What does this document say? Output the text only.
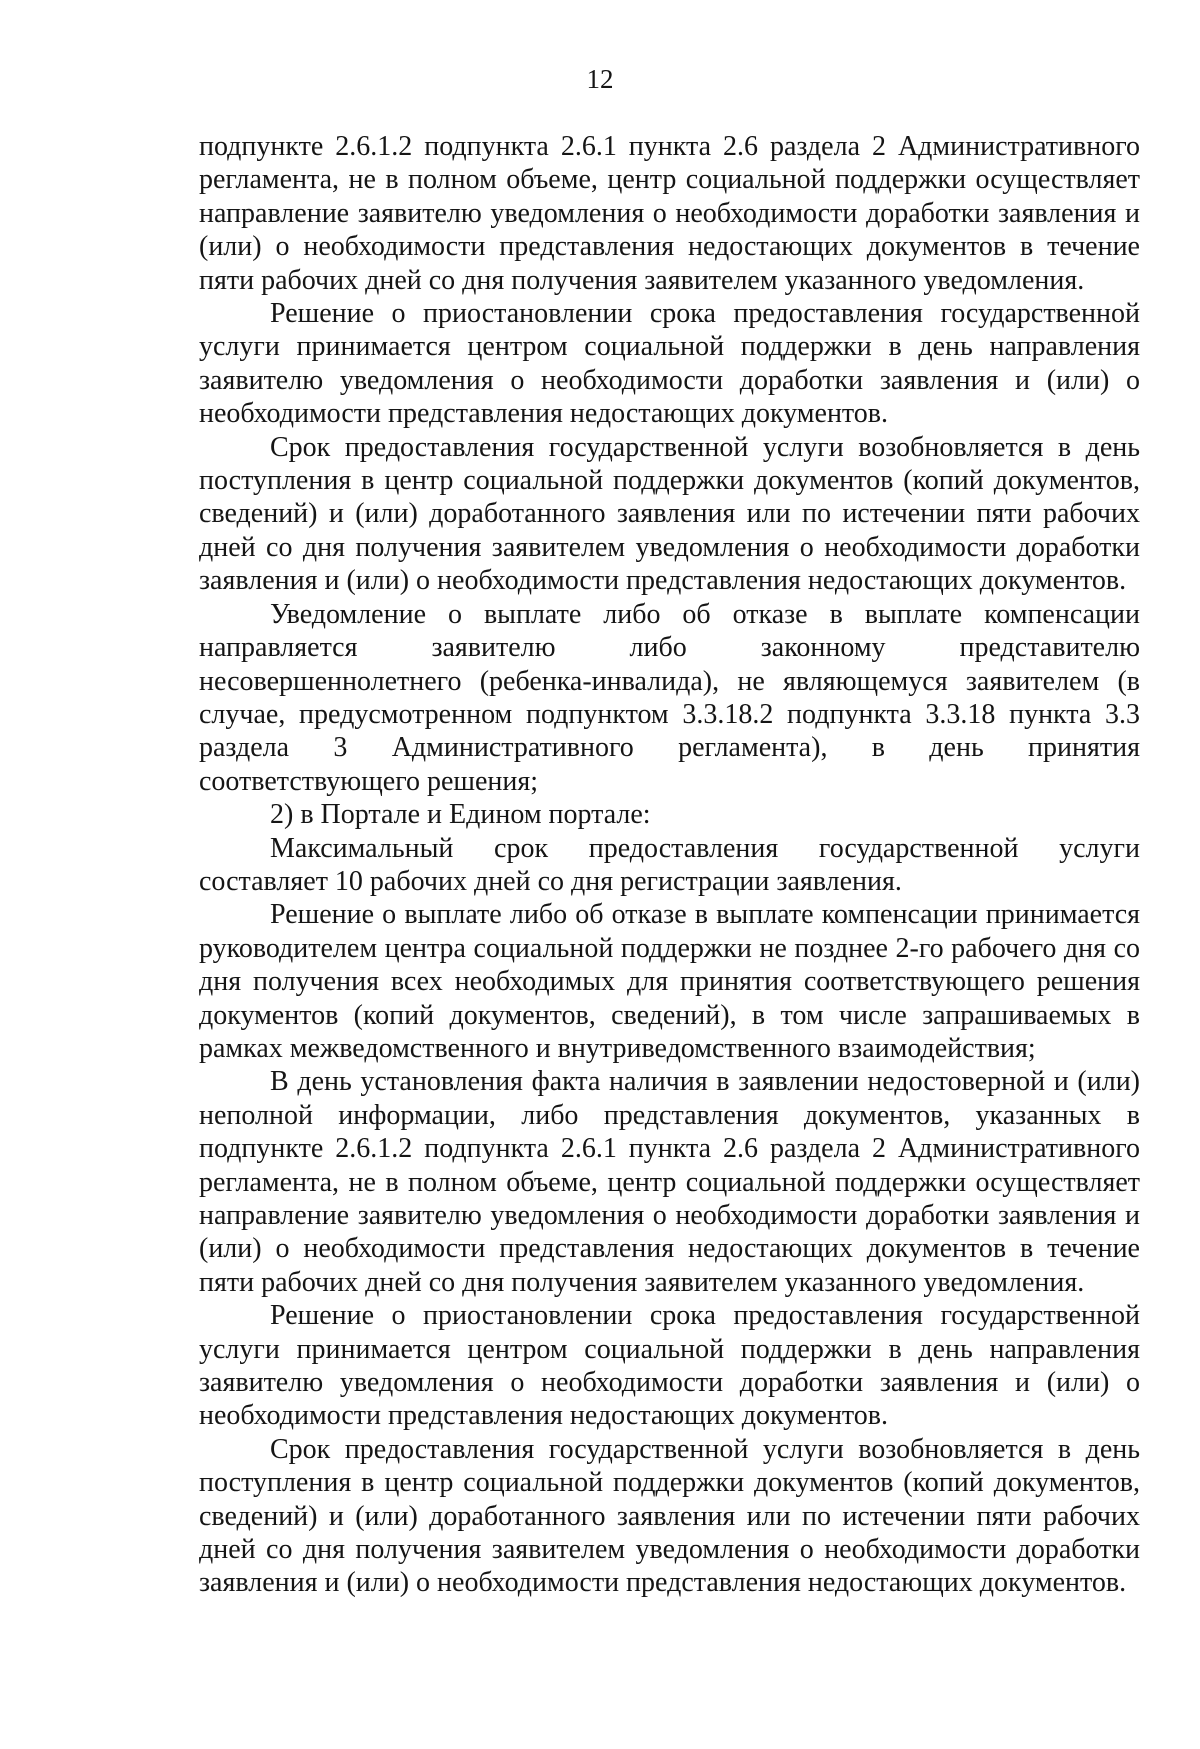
12

подпункте 2.6.1.2 подпункта 2.6.1 пункта 2.6 раздела 2 Административного регламента, не в полном объеме, центр социальной поддержки осуществляет направление заявителю уведомления о необходимости доработки заявления и (или) о необходимости представления недостающих документов в течение пяти рабочих дней со дня получения заявителем указанного уведомления.

Решение о приостановлении срока предоставления государственной услуги принимается центром социальной поддержки в день направления заявителю уведомления о необходимости доработки заявления и (или) о необходимости представления недостающих документов.

Срок предоставления государственной услуги возобновляется в день поступления в центр социальной поддержки документов (копий документов, сведений) и (или) доработанного заявления или по истечении пяти рабочих дней со дня получения заявителем уведомления о необходимости доработки заявления и (или) о необходимости представления недостающих документов.

Уведомление о выплате либо об отказе в выплате компенсации направляется заявителю либо законному представителю несовершеннолетнего (ребенка-инвалида), не являющемуся заявителем (в случае, предусмотренном подпунктом 3.3.18.2 подпункта 3.3.18 пункта 3.3 раздела 3 Административного регламента), в день принятия соответствующего решения;

2) в Портале и Едином портале:

Максимальный срок предоставления государственной услуги составляет 10 рабочих дней со дня регистрации заявления.

Решение о выплате либо об отказе в выплате компенсации принимается руководителем центра социальной поддержки не позднее 2-го рабочего дня со дня получения всех необходимых для принятия соответствующего решения документов (копий документов, сведений), в том числе запрашиваемых в рамках межведомственного и внутриведомственного взаимодействия;

В день установления факта наличия в заявлении недостоверной и (или) неполной информации, либо представления документов, указанных в подпункте 2.6.1.2 подпункта 2.6.1 пункта 2.6 раздела 2 Административного регламента, не в полном объеме, центр социальной поддержки осуществляет направление заявителю уведомления о необходимости доработки заявления и (или) о необходимости представления недостающих документов в течение пяти рабочих дней со дня получения заявителем указанного уведомления.

Решение о приостановлении срока предоставления государственной услуги принимается центром социальной поддержки в день направления заявителю уведомления о необходимости доработки заявления и (или) о необходимости представления недостающих документов.

Срок предоставления государственной услуги возобновляется в день поступления в центр социальной поддержки документов (копий документов, сведений) и (или) доработанного заявления или по истечении пяти рабочих дней со дня получения заявителем уведомления о необходимости доработки заявления и (или) о необходимости представления недостающих документов.
